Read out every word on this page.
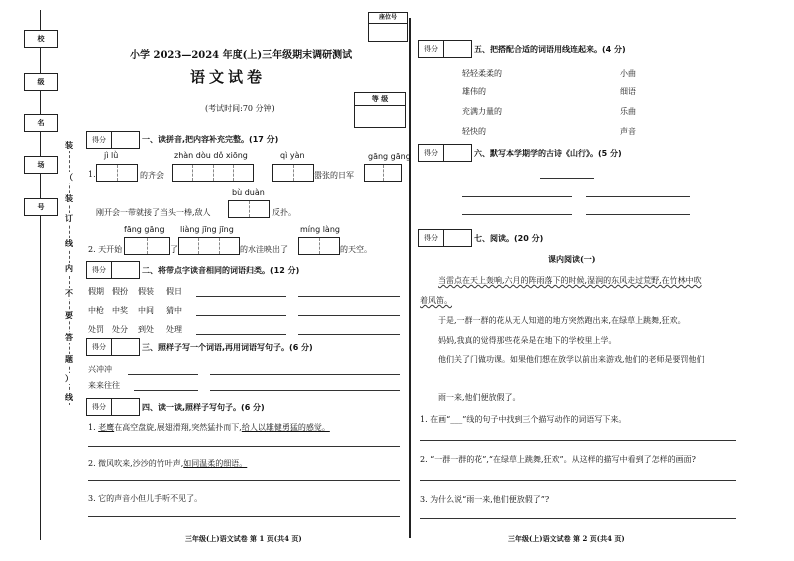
校
级
名
场
号
装
（
装
订
线
内
不
要
答
题
）
线
座位号
小学 2023—2024 年度(上)三年级期末调研测试
语文试卷
(考试时间:70 分钟)
等 级
得分	一、读拼音,把内容补充完整。(17 分)
jì lǜ	zhàn dòu dǒ xiōng	qì yàn	gāng gāng
1.	的齐会	嚣张的日军
bù duàn
刚开会一带就接了当头一棒,敌人	反扑。
fāng gāng liàng jīng jīng	míng làng
2. 天开始	了	的水洼映出了	的天空。
得分	二、将带点字读音相同的词语归类。(12 分)
假期 假扮 假装 假日
中枪 中奖 中间 猜中
处罚 处分 到处 处理
得分	三、照样子写一个词语,再用词语写句子。(6 分)
兴冲冲
来来往往
得分	四、读一读,照样子写句子。(6 分)
1. 老鹰在高空盘旋,展翅滑翔,突然猛扑而下,给人以雄健勇猛的感觉。
2. 微风吹来,沙沙的竹叶声,如同温柔的细语。
3. 它的声音小但儿手听不见了。
三年级(上)语文试卷 第 1 页(共4 页)
得分	五、把搭配合适的词语用线连起来。(4 分)
轻轻柔柔的
雄伟的
充满力量的
轻快的
小曲
细语
乐曲
声音
得分	六、默写本学期学的古诗《山行》。(5 分)
得分	七、阅读。(20 分)
课内阅读(一)
当雷点在天上轰响,六月的阵雨落下的时候,湿润的东风走过荒野,在竹林中吹
着风笛。
于是,一群一群的花从无人知道的地方突然跑出来,在绿草上跳舞,狂欢。
妈妈,我真的觉得那些花朵是在地下的学校里上学。
他们关了门做功课。如果他们想在放学以前出来游戏,他们的老师是要罚他们
雨一来,他们便放假了。
1. 在画“___”线的句子中找到三个描写动作的词语写下来。
2. “一群一群的花”,“在绿草上跳舞,狂欢”。从这样的描写中看到了怎样的画面?
3. 为什么说“雨一来,他们便放假了”?
三年级(上)语文试卷 第 2 页(共4 页)
